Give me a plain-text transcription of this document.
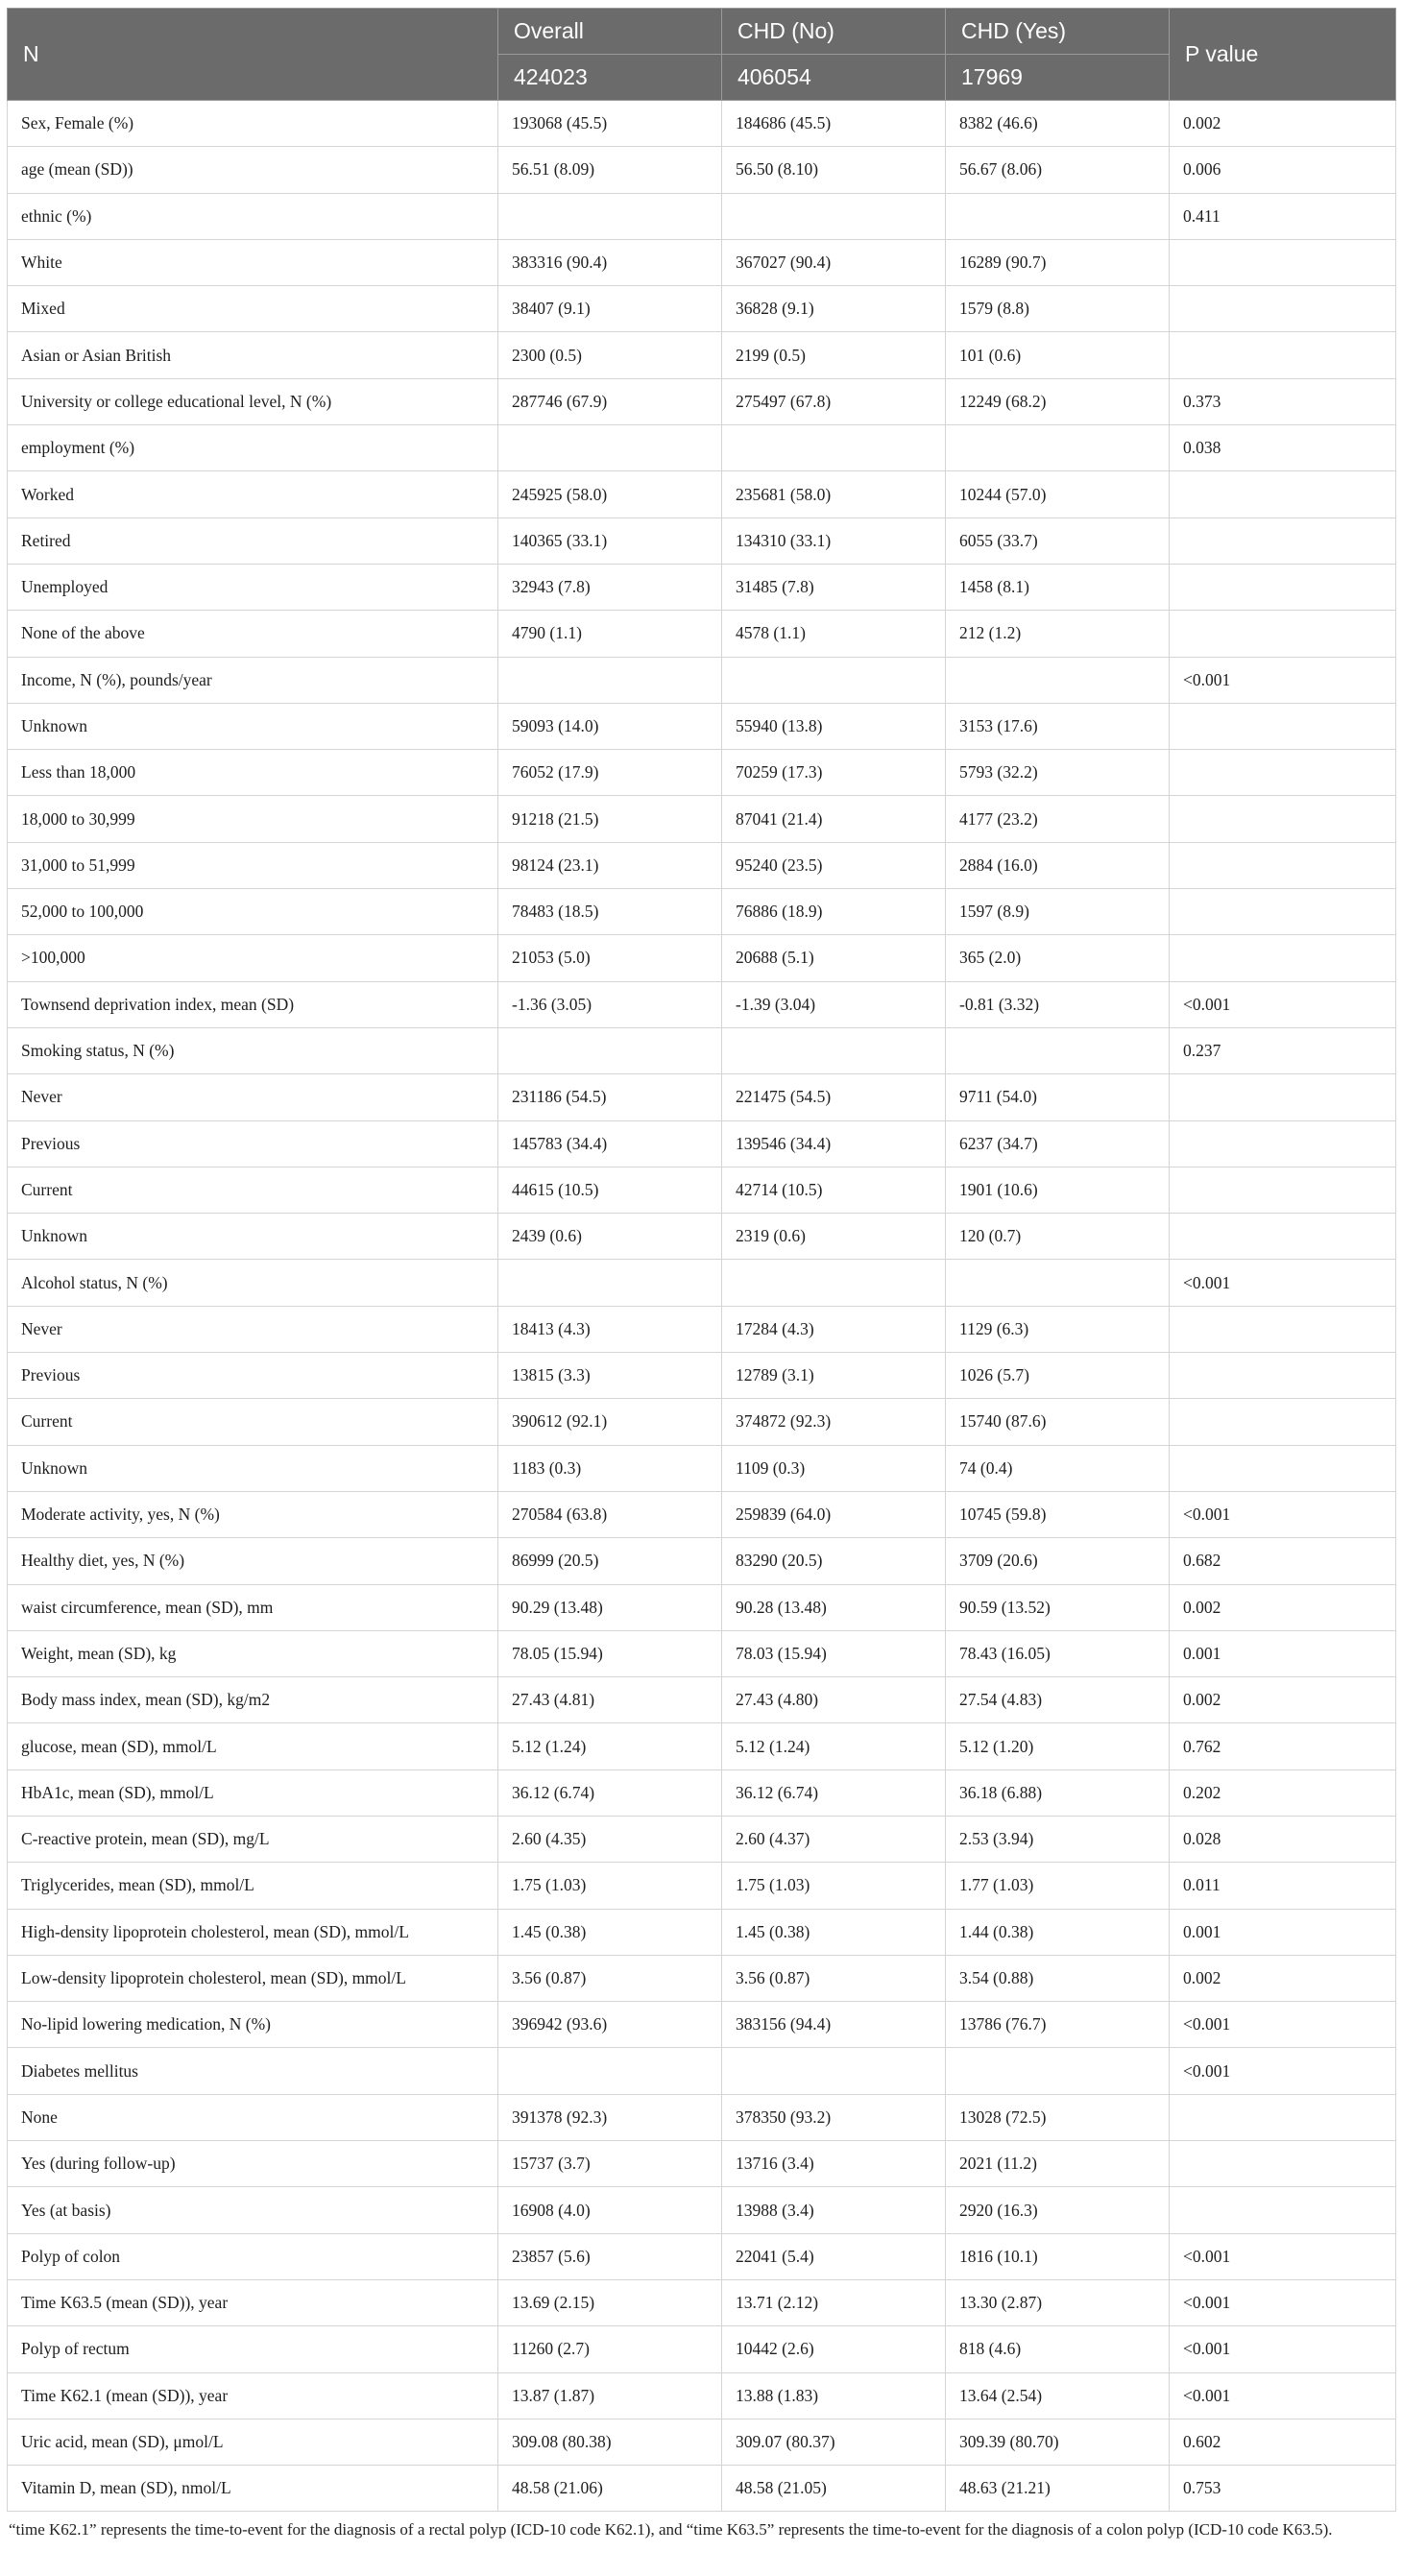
N	Overall	CHD (No)	CHD (Yes)	P value
	424023	406054	17969	
Sex, Female (%)	193068 (45.5)	184686 (45.5)	8382 (46.6)	0.002
age (mean (SD))	56.51 (8.09)	56.50 (8.10)	56.67 (8.06)	0.006
ethnic (%)				0.411
White	383316 (90.4)	367027 (90.4)	16289 (90.7)	
Mixed	38407 (9.1)	36828 (9.1)	1579 (8.8)	
Asian or Asian British	2300 (0.5)	2199 (0.5)	101 (0.6)	
University or college educational level, N (%)	287746 (67.9)	275497 (67.8)	12249 (68.2)	0.373
employment (%)				0.038
Worked	245925 (58.0)	235681 (58.0)	10244 (57.0)	
Retired	140365 (33.1)	134310 (33.1)	6055 (33.7)	
Unemployed	32943 (7.8)	31485 (7.8)	1458 (8.1)	
None of the above	4790 (1.1)	4578 (1.1)	212 (1.2)	
Income, N (%), pounds/year				<0.001
Unknown	59093 (14.0)	55940 (13.8)	3153 (17.6)	
Less than 18,000	76052 (17.9)	70259 (17.3)	5793 (32.2)	
18,000 to 30,999	91218 (21.5)	87041 (21.4)	4177 (23.2)	
31,000 to 51,999	98124 (23.1)	95240 (23.5)	2884 (16.0)	
52,000 to 100,000	78483 (18.5)	76886 (18.9)	1597 (8.9)	
>100,000	21053 (5.0)	20688 (5.1)	365 (2.0)	
Townsend deprivation index, mean (SD)	-1.36 (3.05)	-1.39 (3.04)	-0.81 (3.32)	<0.001
Smoking status, N (%)				0.237
Never	231186 (54.5)	221475 (54.5)	9711 (54.0)	
Previous	145783 (34.4)	139546 (34.4)	6237 (34.7)	
Current	44615 (10.5)	42714 (10.5)	1901 (10.6)	
Unknown	2439 (0.6)	2319 (0.6)	120 (0.7)	
Alcohol status, N (%)				<0.001
Never	18413 (4.3)	17284 (4.3)	1129 (6.3)	
Previous	13815 (3.3)	12789 (3.1)	1026 (5.7)	
Current	390612 (92.1)	374872 (92.3)	15740 (87.6)	
Unknown	1183 (0.3)	1109 (0.3)	74 (0.4)	
Moderate activity, yes, N (%)	270584 (63.8)	259839 (64.0)	10745 (59.8)	<0.001
Healthy diet, yes, N (%)	86999 (20.5)	83290 (20.5)	3709 (20.6)	0.682
waist circumference, mean (SD), mm	90.29 (13.48)	90.28 (13.48)	90.59 (13.52)	0.002
Weight, mean (SD), kg	78.05 (15.94)	78.03 (15.94)	78.43 (16.05)	0.001
Body mass index, mean (SD), kg/m2	27.43 (4.81)	27.43 (4.80)	27.54 (4.83)	0.002
glucose, mean (SD), mmol/L	5.12 (1.24)	5.12 (1.24)	5.12 (1.20)	0.762
HbA1c, mean (SD), mmol/L	36.12 (6.74)	36.12 (6.74)	36.18 (6.88)	0.202
C-reactive protein, mean (SD), mg/L	2.60 (4.35)	2.60 (4.37)	2.53 (3.94)	0.028
Triglycerides, mean (SD), mmol/L	1.75 (1.03)	1.75 (1.03)	1.77 (1.03)	0.011
High-density lipoprotein cholesterol, mean (SD), mmol/L	1.45 (0.38)	1.45 (0.38)	1.44 (0.38)	0.001
Low-density lipoprotein cholesterol, mean (SD), mmol/L	3.56 (0.87)	3.56 (0.87)	3.54 (0.88)	0.002
No-lipid lowering medication, N (%)	396942 (93.6)	383156 (94.4)	13786 (76.7)	<0.001
Diabetes mellitus				<0.001
None	391378 (92.3)	378350 (93.2)	13028 (72.5)	
Yes (during follow-up)	15737 (3.7)	13716 (3.4)	2021 (11.2)	
Yes (at basis)	16908 (4.0)	13988 (3.4)	2920 (16.3)	
Polyp of colon	23857 (5.6)	22041 (5.4)	1816 (10.1)	<0.001
Time K63.5 (mean (SD)), year	13.69 (2.15)	13.71 (2.12)	13.30 (2.87)	<0.001
Polyp of rectum	11260 (2.7)	10442 (2.6)	818 (4.6)	<0.001
Time K62.1 (mean (SD)), year	13.87 (1.87)	13.88 (1.83)	13.64 (2.54)	<0.001
Uric acid, mean (SD), μmol/L	309.08 (80.38)	309.07 (80.37)	309.39 (80.70)	0.602
Vitamin D, mean (SD), nmol/L	48.58 (21.06)	48.58 (21.05)	48.63 (21.21)	0.753
“time K62.1” represents the time-to-event for the diagnosis of a rectal polyp (ICD-10 code K62.1), and “time K63.5” represents the time-to-event for the diagnosis of a colon polyp (ICD-10 code K63.5).
